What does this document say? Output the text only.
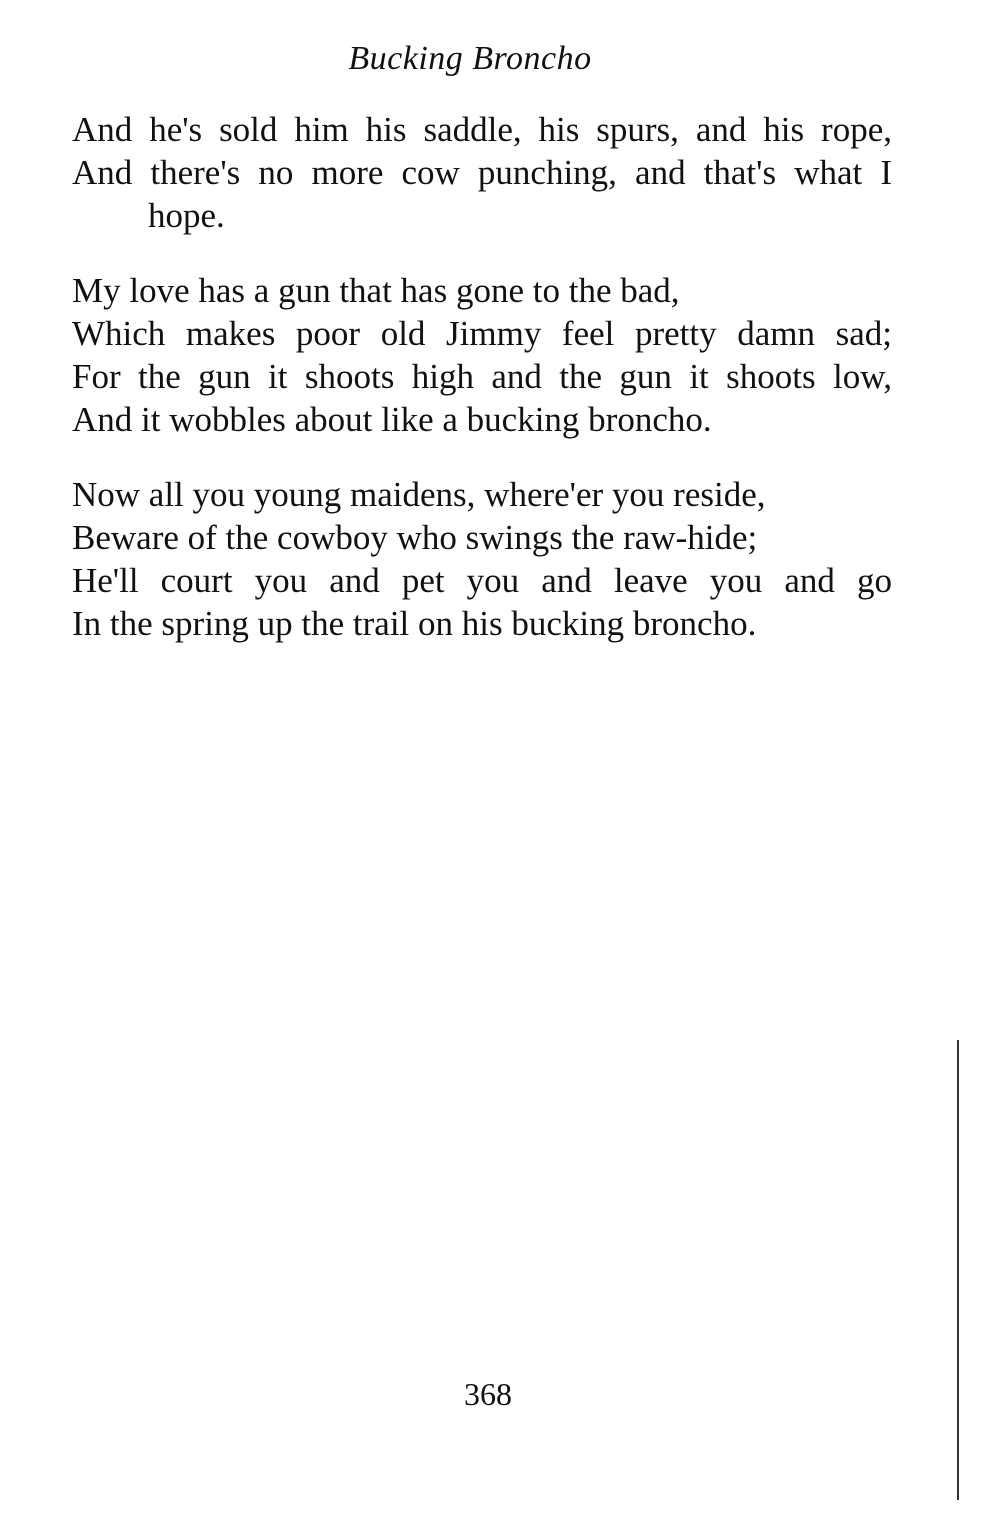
Bucking Broncho
And he's sold him his saddle, his spurs, and his rope,
And there's no more cow punching, and that's what I
hope.
My love has a gun that has gone to the bad,
Which makes poor old Jimmy feel pretty damn sad;
For the gun it shoots high and the gun it shoots low,
And it wobbles about like a bucking broncho.
Now all you young maidens, where'er you reside,
Beware of the cowboy who swings the raw-hide;
He'll court you and pet you and leave you and go
In the spring up the trail on his bucking broncho.
368
